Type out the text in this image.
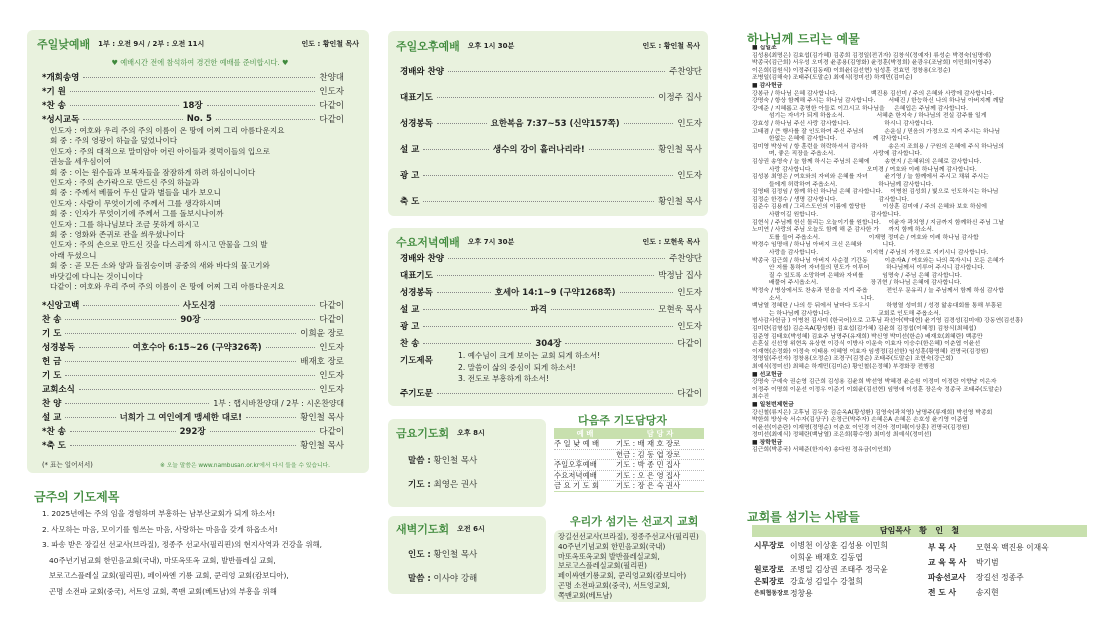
주일낮예배 1부 : 오전 9시 / 2부 : 오전 11시	인도 : 황인철 목사
♥ 예배시간 전에 참석하여 경건한 예배를 준비합시다. ♥
*개회송영	찬양대
*기 원	인도자
*찬 송	18장	다같이
*성시교독	No. 5	다같이
인도자 : 여호와 우리 주의 주의 이름이 온 땅에 어찌 그리 아름다운지요
회 중 : 주의 영광이 하늘을 덮었나이다
인도자 : 주의 대적으로 말미암아 어린 아이들과 젖먹이들의 입으로
권능을 세우심이여
회 중 : 이는 원수들과 보복자들을 잠잠하게 하려 하심이니이다
인도자 : 주의 손가락으로 만드신 주의 하늘과
회 중 : 주께서 베풀어 두신 달과 별들을 내가 보오니
인도자 : 사람이 무엇이기에 주께서 그를 생각하시며
회 중 : 인자가 무엇이기에 주께서 그를 돌보시나이까
인도자 : 그를 하나님보다 조금 못하게 하시고
회 중 : 영화와 존귀로 관을 씌우셨나이다
인도자 : 주의 손으로 만드신 것을 다스리게 하시고 만물을 그의 발
아래 두셨으니
회 중 : 곧 모든 소와 양과 들짐승이며 공중의 새와 바다의 물고기와
바닷길에 다니는 것이니이다
다같이 : 여호와 우리 주여 주의 이름이 온 땅에 어찌 그리 아름다운지요
*신앙고백	사도신경	다같이
찬 송	90장	다같이
기 도	이희윤 장로
성경봉독	여호수아 6:15~26 (구약326쪽)	인도자
헌 금	배재호 장로
기 도	인도자
교회소식	인도자
찬 양	1부 : 햅시바찬양대 / 2부 : 시온찬양대
설 교	너희가 그 여인에게 맹세한 대로!	황인철 목사
*찬 송	292장	다같이
*축 도	황인철 목사
(* 표는 일어서서)	※ 오늘 말씀은 www.nambusan.or.kr에서 다시 들을 수 있습니다.
금주의 기도제목
1. 2025년에는 주의 임을 경험하며 부흥하는 남부산교회가 되게 하소서!
2. 사모하는 마음, 모이기를 힘쓰는 마음, 사랑하는 마음을 갖게 하옵소서!
3. 파송 받은 장길선 선교사(브라질), 정종주 선교사(필리핀)의 현지사역과 건강을 위해,
40주년기념교회 한민음교회(국내), 마또옥또옥 교회, 발반플레실 교회,
보로고스플레실 교회(필리핀), 페이싸엔 기룡 교회, 쿤리엉 교회(캄보디아),
곤명 소전파 교회(중국), 서트엉 교회, 쪽맨 교회(베트남)의 부흥을 위해
주일오후예배 오후 1시 30분	인도 : 황인철 목사
경배와 찬양	주찬양단
대표기도	이정주 집사
성경봉독	요한복음 7:37~53 (신약157쪽)	인도자
설 교	생수의 강이 흘러나리라!	황인철 목사
광 고	인도자
축 도	황인철 목사
수요저녁예배 오후 7시 30분	인도 : 모현욱 목사
경배와 찬양	주찬양단
대표기도	박정남 집사
성경봉독	호세아 14:1~9 (구약1268쪽)	인도자
설 교	파격	모현욱 목사
광 고	인도자
찬 송	304장	다같이
기도제목
1. 예수님이 크게 보이는 교회 되게 하소서!
2. 말씀이 삶의 중심이 되게 하소서!
3. 전도로 부흥하게 하소서!
주기도문	다같이
금요기도회 오후 8시
말씀 : 황인철 목사
기도 : 최영은 권사
새벽기도회 오전 6시
인도 : 황인철 목사
말씀 : 이사야 강해
다음주 기도담당자
예 배	담 당 자
주 일 낮 예 배	기도 : 배 재 호 장로
헌금 : 김 동 엽 장로
주일오후예배	기도 : 박 종 민 집사
수요저녁예배	기도 : 오 은 영 집사
금 요 기 도 회	기도 : 장 은 숙 권사
우리가 섬기는 선교지 교회
장길선선교사(브라질), 정종주선교사(필리핀)
40주년기념교회 한민음교회(국내)
마또옥또옥교회 발반플레실교회,
보로고스플레실교회(필리핀)
페이싸엔기룡교회, 쿤리엉교회(캄보디아)
곤명 소전파교회(중국), 서트엉교회,
쪽맨교회(베트남)
하나님께 드리는 예물
■ 십일조
김성용(최명은) 김효섭(김가혜) 김종희 김정일(전귀자) 김창식(정예자) 류성순 박경숙(임명애)
박종국(김근희) 서우성 오미경 윤종용(김영화) 윤정훈(박정희) 윤광우(조남희) 이민희(이영주)
이은희(김원식) 이정주(김동래) 이희윤(김선현) 임성훈 전효민 정창용(오정순)
조병일(김해숙) 조태주(도말순) 최예식(정미선) 하계민(김미순)
■ 감사헌금
강봉규 / 하나님 은혜 감사합니다.                  백진용 김선미 / 주의 은혜와 사랑에 감사합니다.
강명숙 / 항상 함께해 주시는 하나님 감사합니다.       서태진 / 한능하신 나의 하나님 아버지께 깨달
강예준 / 지혜롭고 총명한 아들로 이끄시고 하나님을     은혜입은 주님께 감사합니다.
섬기는 자녀가 되게 하옵소서.                 서혜춘 한지숙 / 하나님의 전실 감주를 일게
강효성 / 하나님 주신 사랑 감사합니다.                  하시니 감사합니다.
고태겸 / 큰 행사를 잘 인도하여 주신 주님의           손운실 / 믿음의 가정으로 지켜 주시는 하나님
한없는 은혜에 감사합니다.                   께 감사합니다.
김미영 박상익 / 항 훈런을 허락하셔서 감사하           송은지 조희용 / 구원의 은혜에 주식 하나님의
며, 좋은 직장을 주옵소서.                    사랑에 감사합니다.
김상권 송영숙 / 늘 함께 하시는 주님의 은혜에        송현지 / 은혜위의 은혜로 감사합니다.
사랑 감사합니다.                             오미경 / 여호와 이레 하나님께 감사합니다.
김성봉 최영은 / 여호와의 자비와 은혜를 자녀         윤기영 / 늘 함께에서 주시고 채워 주시는
들에게 허락하여 주옵소서.                      하나님께 감사합니다.
김영태 김정임 / 함께 하신 하나님 은혜 감사합니다.    이병천 김성희 / 빛으로 인도하시는 하나님
김정순 한경수 / 생명 감사합니다.                      감사합니다.
김준수 김용례 / 그리스도인의 이름에 합당한         이상훈 김미애 / 주의 은혜와 보호 하심에
사람이길 원합니다.                            감사합니다.
김현식 / 주님께 헌신 돌리는 오늘이기를 원합니다.    이윤자 곽치영 / 지금까지 함께하신 주님 그날
노미연 / 사랑의 주님 오늘도 함께 해 준 감사한 가     까지 함께 하소서.
도를 들어 주옵소서.                          이재명 정미순 / 여호와 이레 하나님 감사합
박경수 임명애 / 하나님 아버지 크신 은혜와           니다.
사랑을 감사합니다.                          이지혁 / 주님의 가정으로 지키시니 감사합니다.
박종국 김근희 / 하나님 아버지 사순절 기간동         이춘자A / 여호와는 나의 목자시니 모든 은혜가
안 저를 통하여 자녀들의 믿도가 이루어         하나님께서 이루어 주시니 감사합니다.
질 수 있도록 소망하며 은혜와 자비를          임명숙 / 주님 은혜 감사합니다.
배풀어 주시옵소서.                            장귀현 / 하나님 은혜에 감사합니다.
박정숙 / 병상에서도 찬송과 믿음을 지켜 주옵          전인우 문유리 / 늘 주님께서 함께 하심 감사합
소서.                                          니다.
백남열 정혜란 / 나의 등 뒤에서 날마다 도우시         하형열 성미희 / 성경 앎송대회를 통해 부흥된
는 하나님께 감사합니다.                         교회로 인도해 주옵소서.
범사감사헌금 ) 이병천 김사미 (한국어)으로 고후님 곽선아(박대현) 윤기영 김경성(김미애) 강동연(김선흥)
김미란(김형섭) 김순옥A(황성환) 김효섭(김가혜) 김윤희 김정섭(이혜정) 김창식(최혜섭)
김준영 김태호(박성혜) 김효주 남명주(유재희) 박신영 박미선(한순) 배재호(최혜란) 백종만
손혼실 신선영 위현옥 유상현 이강식 이방사 이운숙 이효자 이승수(한은혜) 이춘엽 이윤선
이재혁(손정화) 이정숙 이태용 이혜영 이효자 임생정(김선한) 임성훈(황명혜) 전명국(김정원)
정명일(주선자) 정창용(오정순) 조경구(김정순) 조태주(도말순) 조현숙(강근회)
최예식(정미선) 최혜순 하계민(김미순) 황인철(은정혜) 부경화장 전행점
■ 선교헌금
강명숙 구예숙 권순영 김근희 김성용 김윤희 박선영 박혜경 윤순원 이정미 이정란 이향남 이은자
이정주 이명희 이운선 이정우 이준기 이회윤(김선현) 임명애 이성훈 장은숙 정종국 조태주(도말순)
최수진
■ 일천번제헌금
강신철(류지은) 고후님 김두웅 김순옥A(황성환) 김영숙(곽치영) 남명주(류재희) 박선영 박종회
박한희 방상숙 서수자(김상구) 손정근(박주자) 손혜은A 손혜은 손호성 윤기영 이준엽
이윤선(이춘란) 이재명(정명순) 이춘호 이인경 이진아 정미혜(이상훈) 전명국(김정원)
정미선(최예식) 정혜란(백남열) 조은희(황수영) 최미성 최예식(정미선)
■ 장학헌금
김근희(박종국) 서혜준(한지숙) 송다원 정유금(이인희)
교회를 섬기는 사람들
담임목사   황   인   철
시무장로 이병천 이상훈 김성용 이민희
이희윤 배재호 김동엽
원로장로 조병일 김상권 조태주 정국윤
은퇴장로 강효성 김일수 강철희
은퇴협동장로 정창용
부 목 사	모현욱 백진용 이재욱
교 육 목 사	박기범
파송선교사	장길선 정종주
전 도 사	송지현
